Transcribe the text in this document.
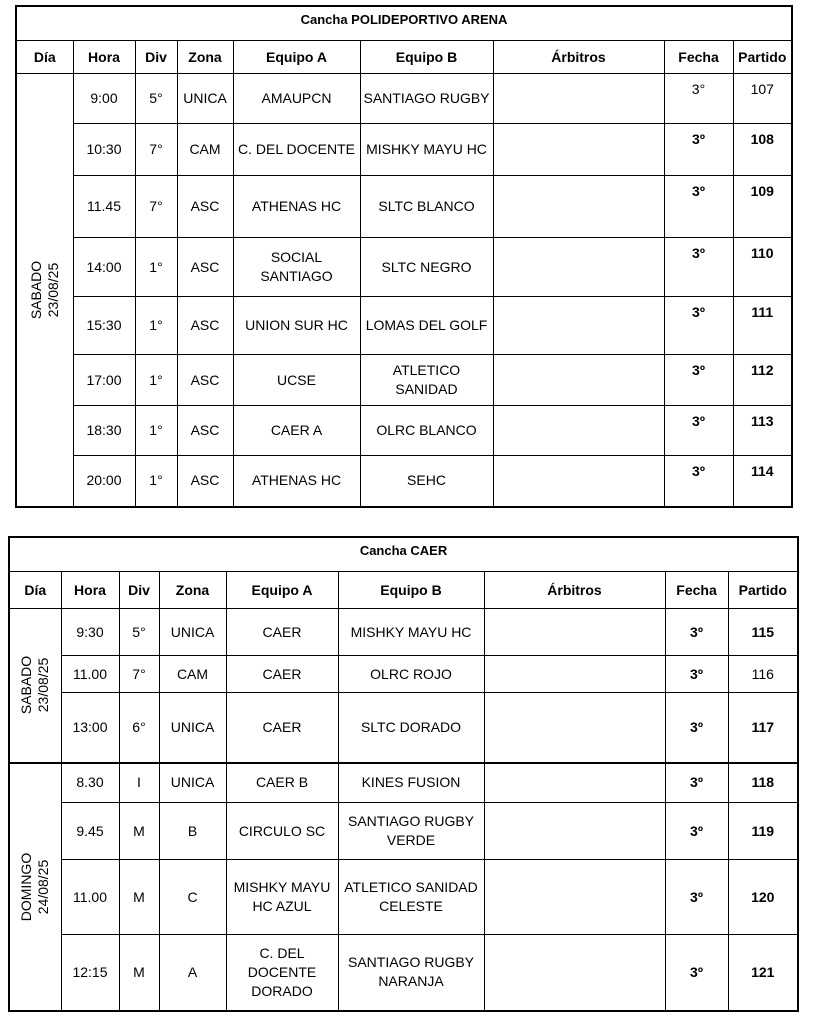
Cancha POLIDEPORTIVO ARENA								
Día	Hora	Div	Zona	Equipo A	Equipo B	Árbitros	Fecha	Partido

SABADO 23/08/25	9:00	5°	UNICA	AMAUPCN	SANTIAGO RUGBY		3°	107
	10:30	7°	CAM	C. DEL DOCENTE	MISHKY MAYU HC		3º	108
	11.45	7°	ASC	ATHENAS HC	SLTC BLANCO		3º	109
	14:00	1°	ASC	SOCIAL SANTIAGO	SLTC NEGRO		3º	110
	15:30	1°	ASC	UNION SUR HC	LOMAS DEL GOLF		3º	111
	17:00	1°	ASC	UCSE	ATLETICO SANIDAD		3º	112
	18:30	1°	ASC	CAER A	OLRC BLANCO		3º	113
	20:00	1°	ASC	ATHENAS HC	SEHC		3º	114
Cancha CAER								
Día	Hora	Div	Zona	Equipo A	Equipo B	Árbitros	Fecha	Partido

SABADO 23/08/25	9:30	5°	UNICA	CAER	MISHKY MAYU HC		3º	115
	11.00	7°	CAM	CAER	OLRC ROJO		3º	116
	13:00	6°	UNICA	CAER	SLTC DORADO		3º	117

DOMINGO 24/08/25	8.30	I	UNICA	CAER B	KINES FUSION		3º	118
	9.45	M	B	CIRCULO SC	SANTIAGO RUGBY VERDE		3º	119
	11.00	M	C	MISHKY MAYU HC AZUL	ATLETICO SANIDAD CELESTE		3º	120
	12:15	M	A	C. DEL DOCENTE DORADO	SANTIAGO RUGBY NARANJA		3º	121
